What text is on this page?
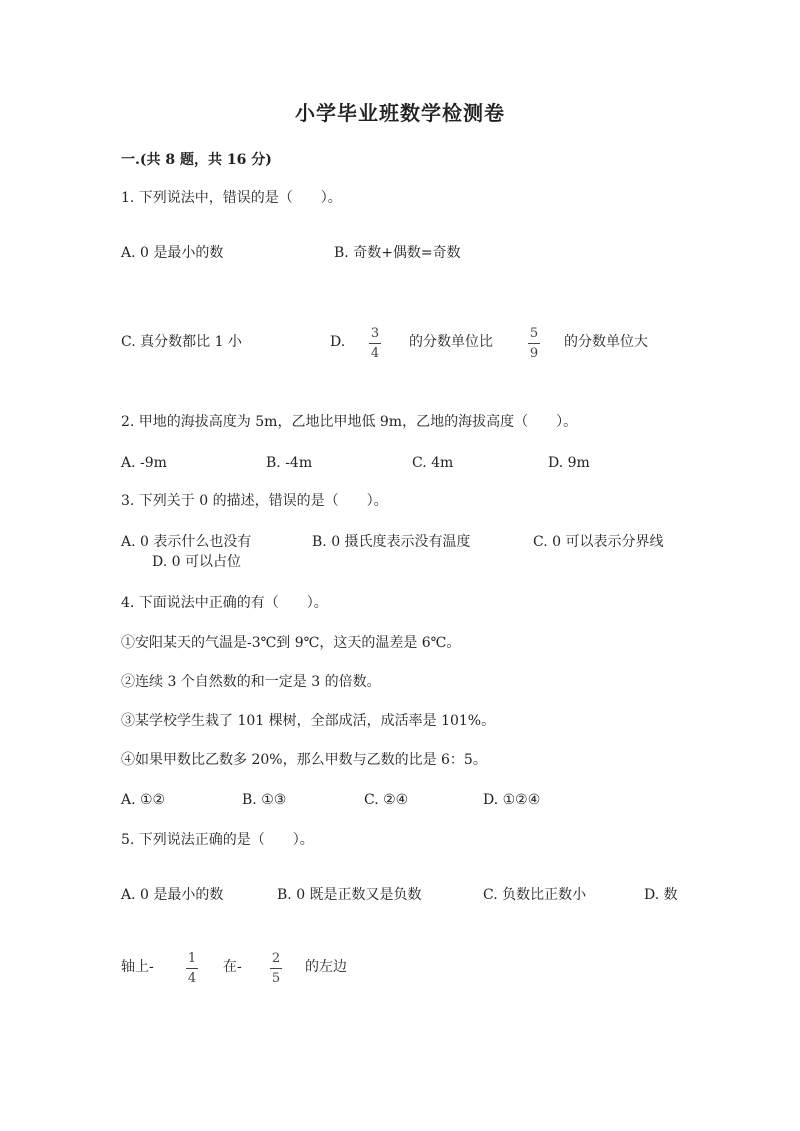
小学毕业班数学检测卷
一.(共 8 题，共 16 分)
1. 下列说法中，错误的是（　　）。
A. 0 是最小的数	B. 奇数+偶数=奇数
C. 真分数都比 1 小	D.
3
4
的分数单位比
5
9
的分数单位大
2. 甲地的海拔高度为 5m，乙地比甲地低 9m，乙地的海拔高度（　　）。
A. -9m	B. -4m	C. 4m	D. 9m
3. 下列关于 0 的描述，错误的是（　　）。
A. 0 表示什么也没有	B. 0 摄氏度表示没有温度	C. 0 可以表示分界线
D. 0 可以占位
4. 下面说法中正确的有（　　）。
①安阳某天的气温是-3℃到 9℃，这天的温差是 6℃。
②连续 3 个自然数的和一定是 3 的倍数。
③某学校学生栽了 101 棵树，全部成活，成活率是 101%。
④如果甲数比乙数多 20%，那么甲数与乙数的比是 6：5。
A. ①②	B. ①③	C. ②④	D. ①②④
5. 下列说法正确的是（　　）。
A. 0 是最小的数	B. 0 既是正数又是负数	C. 负数比正数小	D. 数
轴上-
1
4
在-
2
5
的左边
